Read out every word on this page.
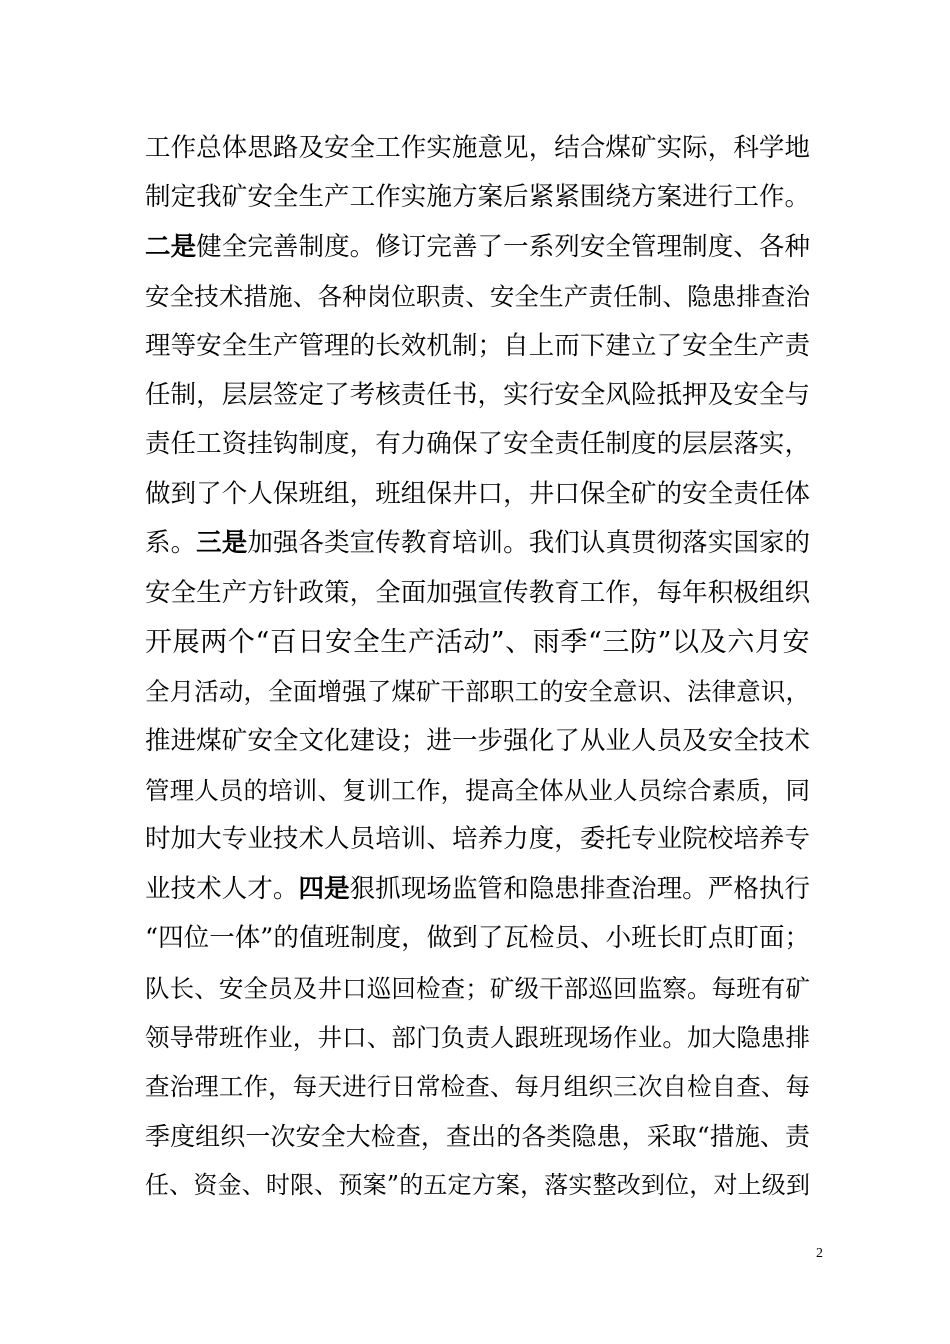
工作总体思路及安全工作实施意见，结合煤矿实际，科学地
制定我矿安全生产工作实施方案后紧紧围绕方案进行工作。
二是健全完善制度。修订完善了一系列安全管理制度、各种
安全技术措施、各种岗位职责、安全生产责任制、隐患排查治
理等安全生产管理的长效机制；自上而下建立了安全生产责
任制，层层签定了考核责任书，实行安全风险抵押及安全与
责任工资挂钩制度，有力确保了安全责任制度的层层落实，
做到了个人保班组，班组保井口，井口保全矿的安全责任体
系。三是加强各类宣传教育培训。我们认真贯彻落实国家的
安全生产方针政策，全面加强宣传教育工作，每年积极组织
开展两个“百日安全生产活动”、雨季“三防”以及六月安
全月活动，全面增强了煤矿干部职工的安全意识、法律意识，
推进煤矿安全文化建设；进一步强化了从业人员及安全技术
管理人员的培训、复训工作，提高全体从业人员综合素质，同
时加大专业技术人员培训、培养力度，委托专业院校培养专
业技术人才。四是狠抓现场监管和隐患排查治理。严格执行
“四位一体”的值班制度，做到了瓦检员、小班长盯点盯面；
队长、安全员及井口巡回检查；矿级干部巡回监察。每班有矿
领导带班作业，井口、部门负责人跟班现场作业。加大隐患排
查治理工作，每天进行日常检查、每月组织三次自检自查、每
季度组织一次安全大检查，查出的各类隐患，采取“措施、责
任、资金、时限、预案”的五定方案，落实整改到位，对上级到
2
